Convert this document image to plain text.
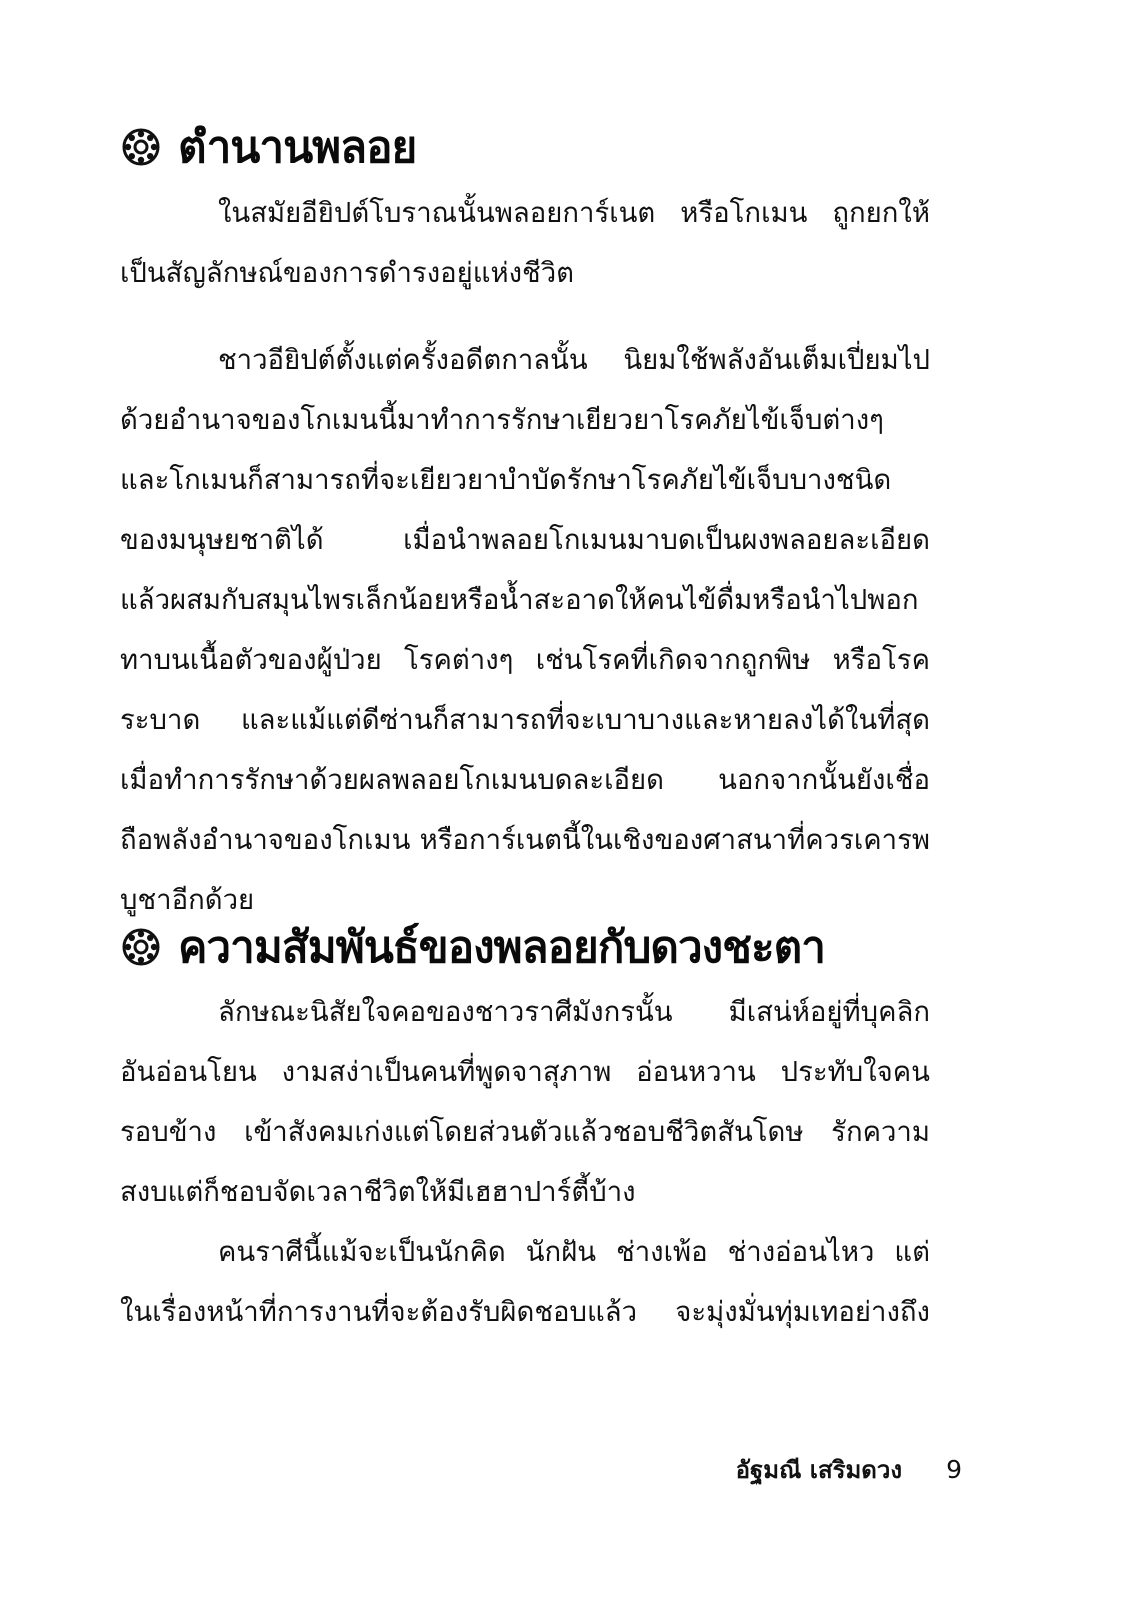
ตำนานพลอย
ในสมัยอียิปต์โบราณนั้นพลอยการ์เนต หรือโกเมน ถูกยกให้
เป็นสัญลักษณ์ของการดำรงอยู่แห่งชีวิต
ชาวอียิปต์ตั้งแต่ครั้งอดีตกาลนั้น นิยมใช้พลังอันเต็มเปี่ยมไป
ด้วยอำนาจของโกเมนนี้มาทำการรักษาเยียวยาโรคภัยไข้เจ็บต่างๆ
และโกเมนก็สามารถที่จะเยียวยาบำบัดรักษาโรคภัยไข้เจ็บบางชนิด
ของมนุษยชาติได้	เมื่อนำพลอยโกเมนมาบดเป็นผงพลอยละเอียด
แล้วผสมกับสมุนไพรเล็กน้อยหรือน้ำสะอาดให้คนไข้ดื่มหรือนำไปพอก
ทาบนเนื้อตัวของผู้ป่วย โรคต่างๆ เช่นโรคที่เกิดจากถูกพิษ หรือโรค
ระบาด และแม้แต่ดีซ่านก็สามารถที่จะเบาบางและหายลงได้ในที่สุด
เมื่อทำการรักษาด้วยผลพลอยโกเมนบดละเอียด นอกจากนั้นยังเชื่อ
ถือพลังอำนาจของโกเมน หรือการ์เนตนี้ในเชิงของศาสนาที่ควรเคารพ
บูชาอีกด้วย
ความสัมพันธ์ของพลอยกับดวงชะตา
ลักษณะนิสัยใจคอของชาวราศีมังกรนั้น มีเสน่ห์อยู่ที่บุคลิก
อันอ่อนโยน งามสง่าเป็นคนที่พูดจาสุภาพ อ่อนหวาน ประทับใจคน
รอบข้าง เข้าสังคมเก่งแต่โดยส่วนตัวแล้วชอบชีวิตสันโดษ รักความ
สงบแต่ก็ชอบจัดเวลาชีวิตให้มีเฮฮาปาร์ตี้บ้าง
คนราศีนี้แม้จะเป็นนักคิด นักฝัน ช่างเพ้อ ช่างอ่อนไหว แต่
ในเรื่องหน้าที่การงานที่จะต้องรับผิดชอบแล้ว จะมุ่งมั่นทุ่มเทอย่างถึง
อัฐมณี เสริมดวง 9
